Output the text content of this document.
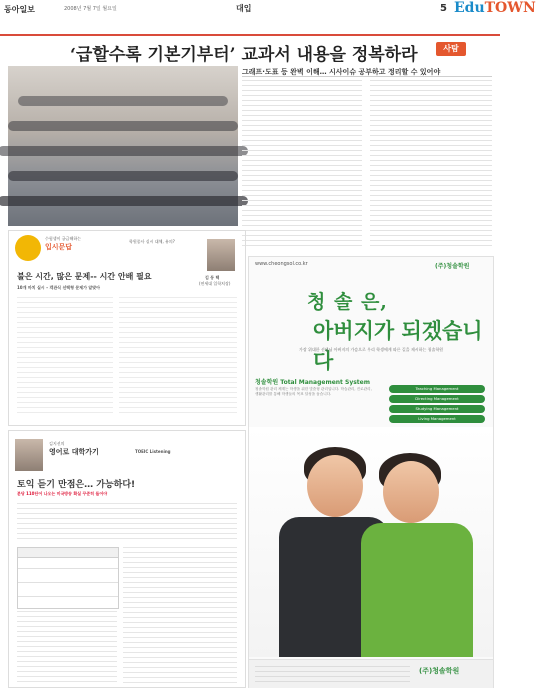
동아일보	2008년 7월 7일 월요일	대입	5 EduTOWN
‘급할수록 기본기부터’ 교과서 내용을 정복하라	사탐
그래프·도표 등 완벽 이해… 시사이슈 공부하고 정리할 수 있어야
수험생이 궁금해하는
입시문답
학원종사 실시 대체, 유의?
불은 시간, 많은 문제-- 시간 안배 필요
10개 마치 실시 – 객관식 선택형 문제가 알맞아
김 동 택
(연세대 입학처장)
김지선의
영어로 대학가기	TOEIC Listening
토익 듣기 만점은… 가능하다!
분당 110단어 나오는 미국방송 확실 꾸준히 들어야
www.cheongsol.co.kr	(주)청솔학원
청 솔 은,
아버지가 되겠습니다
가장 위대한 선생님 아버지의 가슴으로 우리 학생에게 따른 길을 제시하는 청솔학원
청솔학원 Total Management System
청솔학원 관리 체계는 학생을 위한 맞춤형 관리입니다. 학습관리, 진로관리, 생활관리를 통해 학생들의 목표 달성을 돕습니다.
Teaching Management
Directing Management
Studying Management
Living Management
(주)청솔학원
